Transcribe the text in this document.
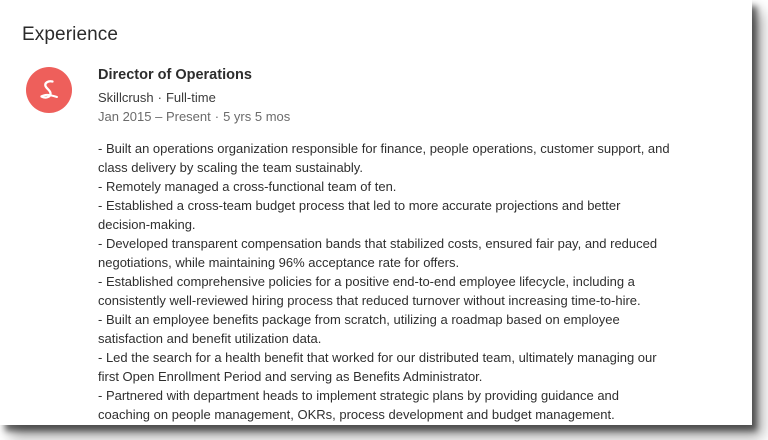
Experience
Director of Operations
Skillcrush · Full-time
Jan 2015 – Present · 5 yrs 5 mos
- Built an operations organization responsible for finance, people operations, customer support, and
class delivery by scaling the team sustainably.
- Remotely managed a cross-functional team of ten.
- Established a cross-team budget process that led to more accurate projections and better
decision-making.
- Developed transparent compensation bands that stabilized costs, ensured fair pay, and reduced
negotiations, while maintaining 96% acceptance rate for offers.
- Established comprehensive policies for a positive end-to-end employee lifecycle, including a
consistently well-reviewed hiring process that reduced turnover without increasing time-to-hire.
- Built an employee benefits package from scratch, utilizing a roadmap based on employee
satisfaction and benefit utilization data.
- Led the search for a health benefit that worked for our distributed team, ultimately managing our
first Open Enrollment Period and serving as Benefits Administrator.
- Partnered with department heads to implement strategic plans by providing guidance and
coaching on people management, OKRs, process development and budget management.
